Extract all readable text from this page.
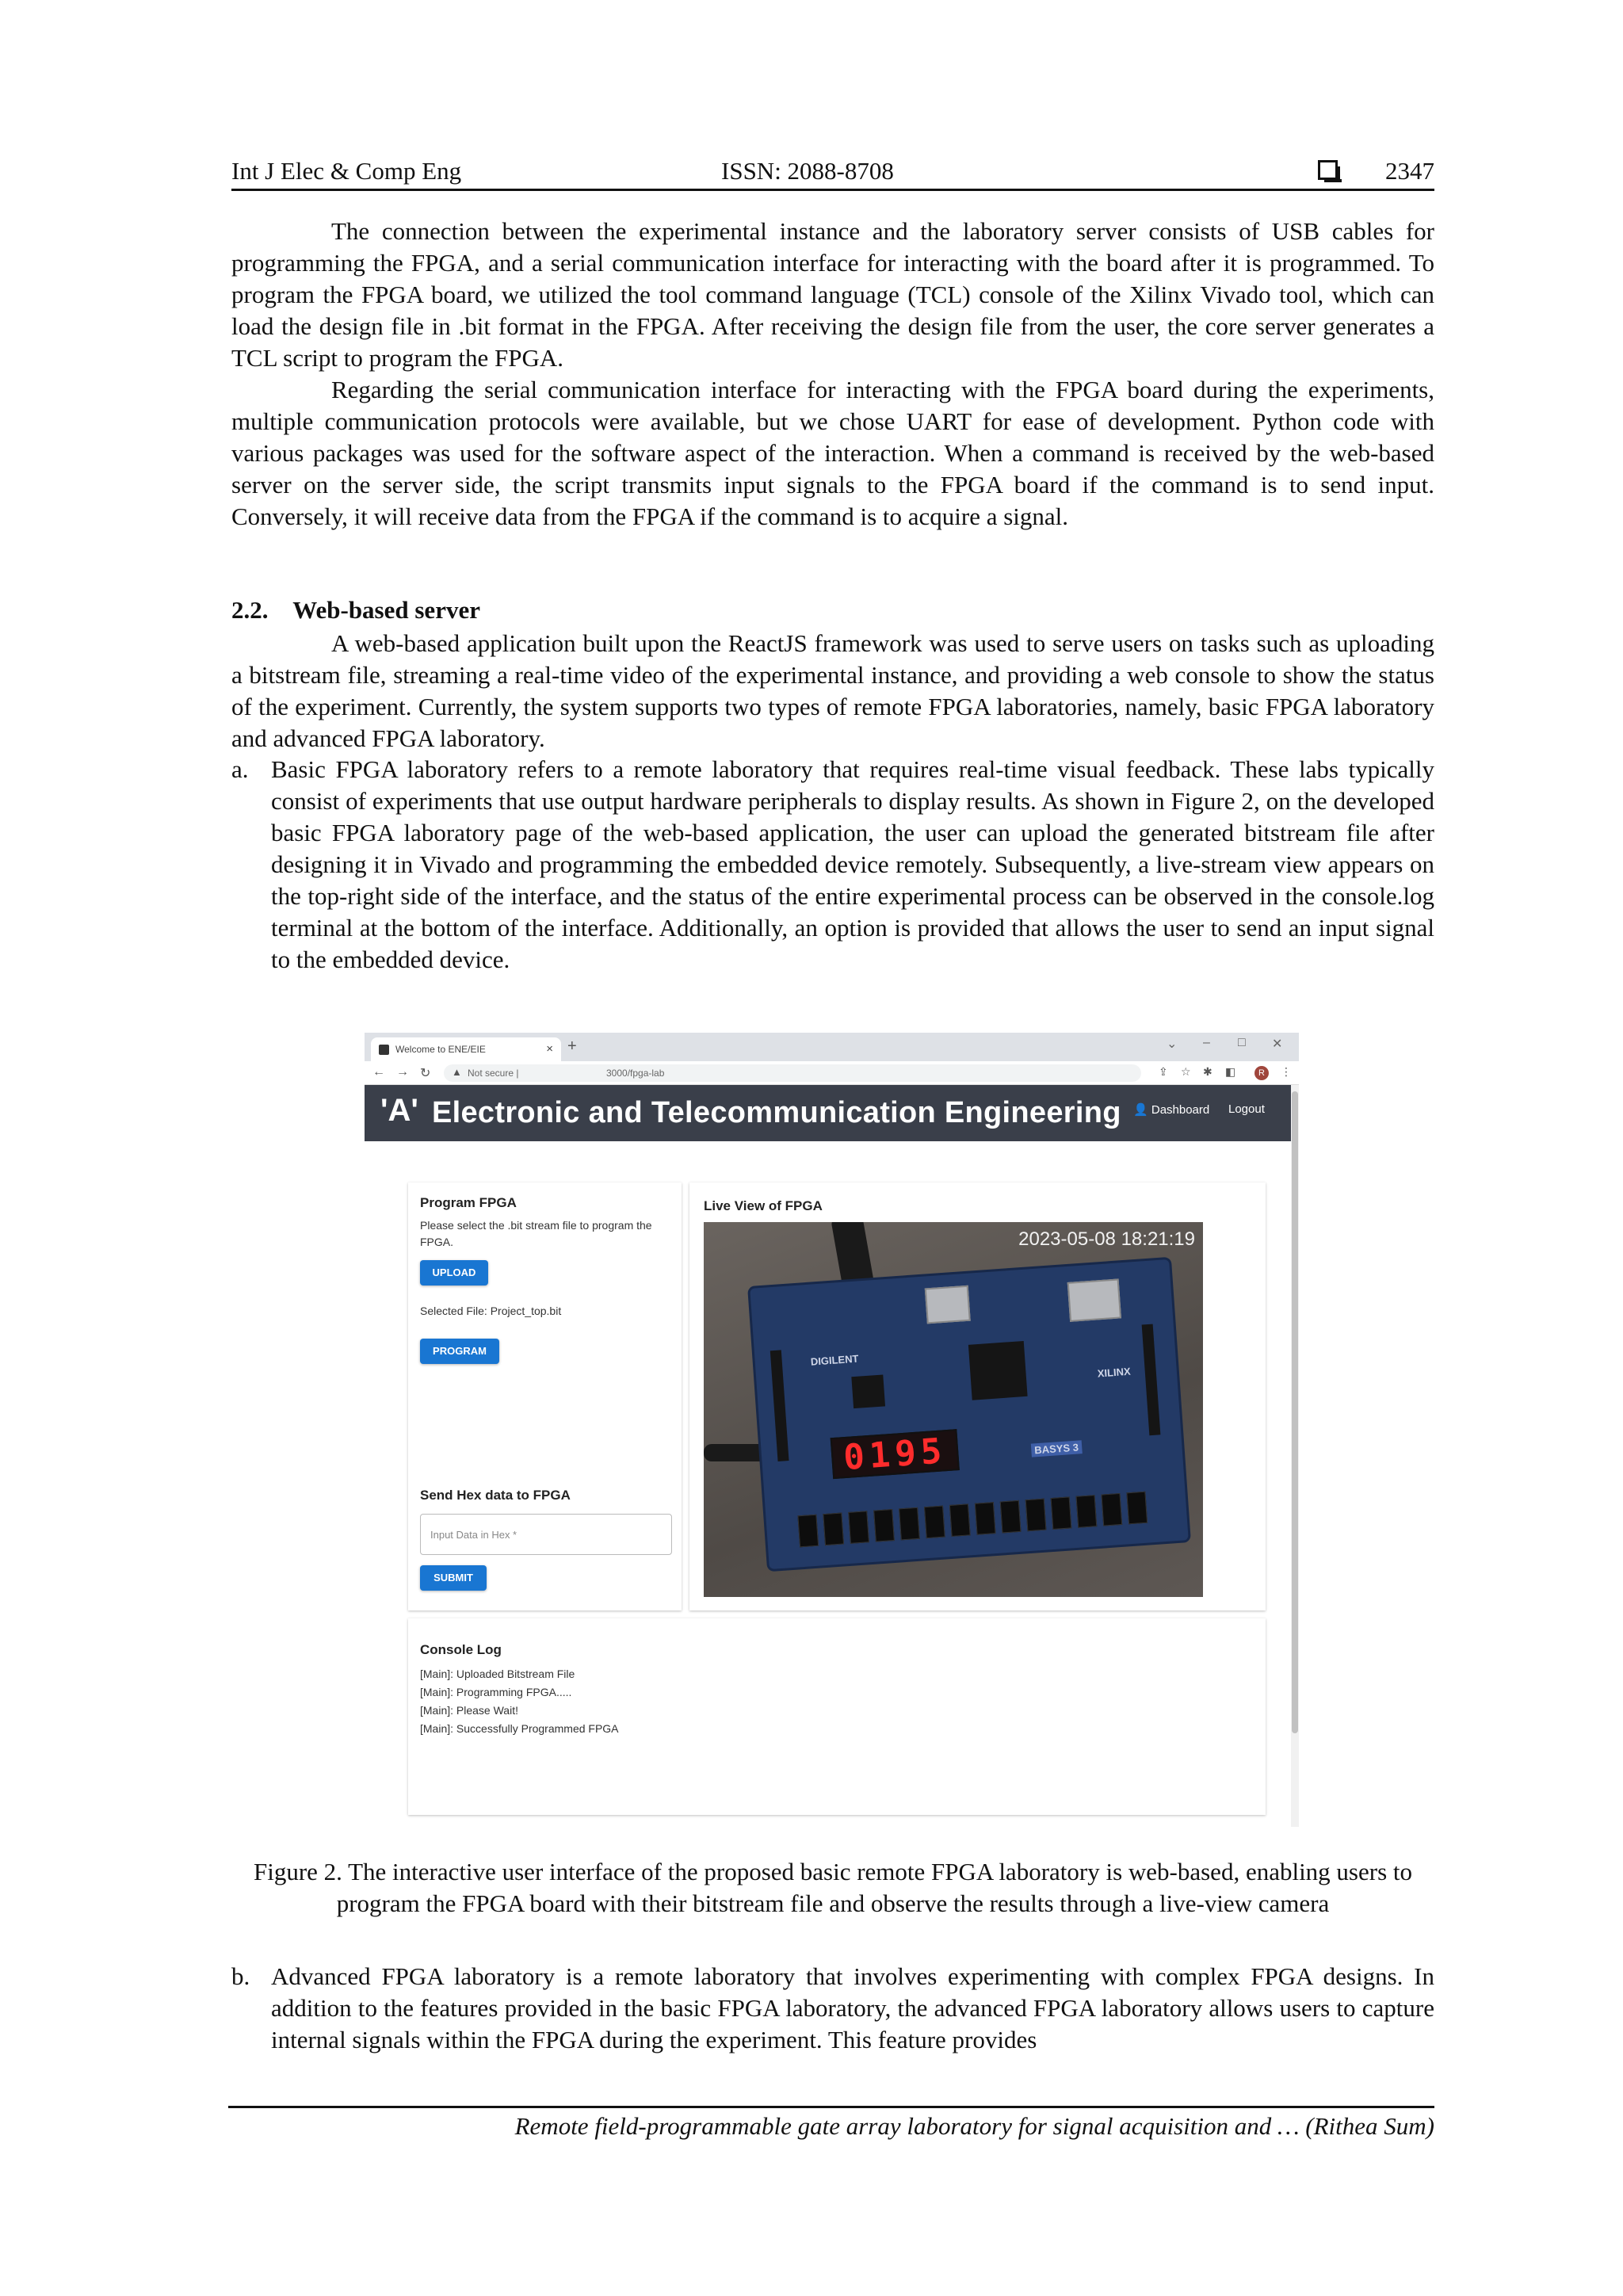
Int J Elec & Comp Eng	ISSN: 2088-8708	2347

The connection between the experimental instance and the laboratory server consists of USB cables for programming the FPGA, and a serial communication interface for interacting with the board after it is programmed. To program the FPGA board, we utilized the tool command language (TCL) console of the Xilinx Vivado tool, which can load the design file in .bit format in the FPGA. After receiving the design file from the user, the core server generates a TCL script to program the FPGA.

Regarding the serial communication interface for interacting with the FPGA board during the experiments, multiple communication protocols were available, but we chose UART for ease of development. Python code with various packages was used for the software aspect of the interaction. When a command is received by the web-based server on the server side, the script transmits input signals to the FPGA board if the command is to send input. Conversely, it will receive data from the FPGA if the command is to acquire a signal.

2.2. Web-based server

A web-based application built upon the ReactJS framework was used to serve users on tasks such as uploading a bitstream file, streaming a real-time video of the experimental instance, and providing a web console to show the status of the experiment. Currently, the system supports two types of remote FPGA laboratories, namely, basic FPGA laboratory and advanced FPGA laboratory.

a. Basic FPGA laboratory refers to a remote laboratory that requires real-time visual feedback. These labs typically consist of experiments that use output hardware peripherals to display results. As shown in Figure 2, on the developed basic FPGA laboratory page of the web-based application, the user can upload the generated bitstream file after designing it in Vivado and programming the embedded device remotely. Subsequently, a live-stream view appears on the top-right side of the interface, and the status of the entire experimental process can be observed in the console.log terminal at the bottom of the interface. Additionally, an option is provided that allows the user to send an input signal to the embedded device.
Welcome to ENE/EIE	× +	⌄ – □ ✕
← → ↻ ▲ Not secure |	3000/fpga-lab	⇪ ☆ ✱ ◧	R	⋮
'A' Electronic and Telecommunication Engineering 👤 Dashboard Logout
Program FPGA
Please select the .bit stream file to program the FPGA.
UPLOAD
Selected File: Project_top.bit
PROGRAM
Send Hex data to FPGA
Input Data in Hex *
SUBMIT
Live View of FPGA
DIGILENT
XILINX
0195	BASYS 3
2023-05-08 18:21:19
Console Log
[Main]: Uploaded Bitstream File
[Main]: Programming FPGA.....
[Main]: Please Wait!
[Main]: Successfully Programmed FPGA
Figure 2. The interactive user interface of the proposed basic remote FPGA laboratory is web-based, enabling users to program the FPGA board with their bitstream file and observe the results through a live-view camera
b. Advanced FPGA laboratory is a remote laboratory that involves experimenting with complex FPGA designs. In addition to the features provided in the basic FPGA laboratory, the advanced FPGA laboratory allows users to capture internal signals within the FPGA during the experiment. This feature provides
Remote field-programmable gate array laboratory for signal acquisition and … (Rithea Sum)
